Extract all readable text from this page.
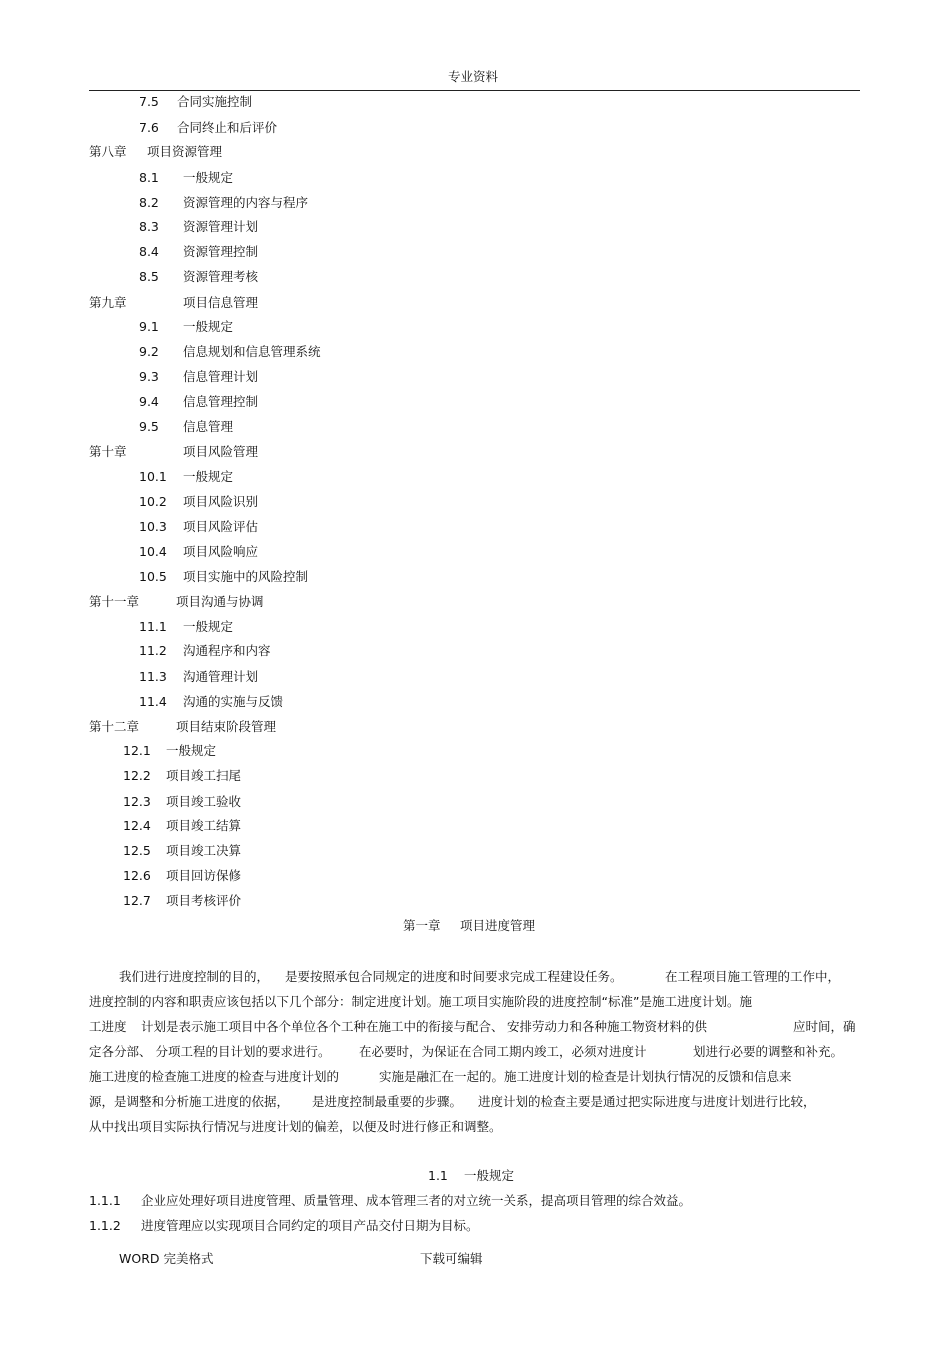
专业资料
7.5 合同实施控制
7.6 合同终止和后评价
第八章 项目资源管理
8.1 一般规定
8.2 资源管理的内容与程序
8.3 资源管理计划
8.4 资源管理控制
8.5 资源管理考核
第九章	项目信息管理
9.1 一般规定
9.2 信息规划和信息管理系统
9.3 信息管理计划
9.4 信息管理控制
9.5 信息管理
第十章	项目风险管理
10.1 一般规定
10.2 项目风险识别
10.3 项目风险评估
10.4 项目风险响应
10.5 项目实施中的风险控制
第十一章	项目沟通与协调
11.1 一般规定
11.2 沟通程序和内容
11.3 沟通管理计划
11.4 沟通的实施与反馈
第十二章	项目结束阶段管理
12.1 一般规定
12.2 项目竣工扫尾
12.3 项目竣工验收
12.4 项目竣工结算
12.5 项目竣工决算
12.6 项目回访保修
12.7 项目考核评价
第一章 项目进度管理
我们进行进度控制的目的， 是要按照承包合同规定的进度和时间要求完成工程建设任务。	在工程项目施工管理的工作中，
进度控制的内容和职责应该包括以下几个部分：制定进度计划。施工项目实施阶段的进度控制“标准”是施工进度计划。施
工进度 计划是表示施工项目中各个单位各个工种在施工中的衔接与配合、 安排劳动力和各种施工物资材料的供	应时间，确
定各分部、 分项工程的目计划的要求进行。 在必要时，为保证在合同工期内竣工，必须对进度计	划进行必要的调整和补充。
施工进度的检查施工进度的检查与进度计划的	实施是融汇在一起的。施工进度计划的检查是计划执行情况的反馈和信息来
源，是调整和分析施工进度的依据， 是进度控制最重要的步骤。 进度计划的检查主要是通过把实际进度与进度计划进行比较，
从中找出项目实际执行情况与进度计划的偏差，以便及时进行修正和调整。
1.1 一般规定
1.1.1 企业应处理好项目进度管理、质量管理、成本管理三者的对立统一关系，提高项目管理的综合效益。
1.1.2 进度管理应以实现项目合同约定的项目产品交付日期为目标。
WORD 完美格式	下载可编辑
